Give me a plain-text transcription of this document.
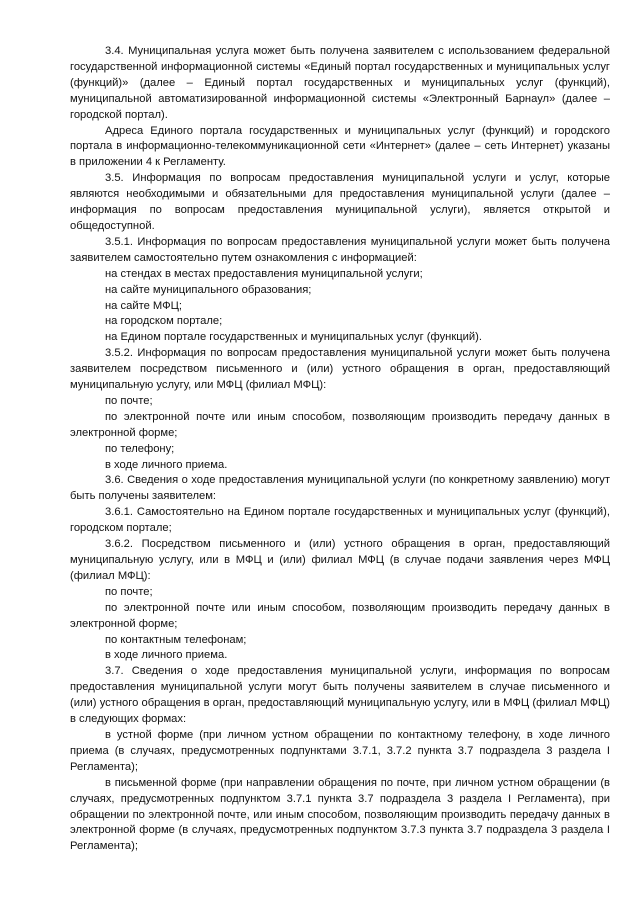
3.4. Муниципальная услуга может быть получена заявителем с использованием федеральной государственной информационной системы «Единый портал государственных и муниципальных услуг (функций)» (далее – Единый портал государственных и муниципальных услуг (функций), муниципальной автоматизированной информационной системы «Электронный Барнаул» (далее – городской портал).

Адреса Единого портала государственных и муниципальных услуг (функций) и городского портала в информационно-телекоммуникационной сети «Интернет» (далее – сеть Интернет) указаны в приложении 4 к Регламенту.

3.5. Информация по вопросам предоставления муниципальной услуги и услуг, которые являются необходимыми и обязательными для предоставления муниципальной услуги (далее – информация по вопросам предоставления муниципальной услуги), является открытой и общедоступной.

3.5.1. Информация по вопросам предоставления муниципальной услуги может быть получена заявителем самостоятельно путем ознакомления с информацией:

на стендах в местах предоставления муниципальной услуги;

на сайте муниципального образования;

на сайте МФЦ;

на городском портале;

на Едином портале государственных и муниципальных услуг (функций).

3.5.2. Информация по вопросам предоставления муниципальной услуги может быть получена заявителем посредством письменного и (или) устного обращения в орган, предоставляющий муниципальную услугу, или МФЦ (филиал МФЦ):

по почте;

по электронной почте или иным способом, позволяющим производить передачу данных в электронной форме;

по телефону;

в ходе личного приема.

3.6. Сведения о ходе предоставления муниципальной услуги (по конкретному заявлению) могут быть получены заявителем:

3.6.1. Самостоятельно на Едином портале государственных и муниципальных услуг (функций), городском портале;

3.6.2. Посредством письменного и (или) устного обращения в орган, предоставляющий муниципальную услугу, или в МФЦ и (или) филиал МФЦ (в случае подачи заявления через МФЦ (филиал МФЦ):

по почте;

по электронной почте или иным способом, позволяющим производить передачу данных в электронной форме;

по контактным телефонам;

в ходе личного приема.

3.7. Сведения о ходе предоставления муниципальной услуги, информация по вопросам предоставления муниципальной услуги могут быть получены заявителем в случае письменного и (или) устного обращения в орган, предоставляющий муниципальную услугу, или в МФЦ (филиал МФЦ) в следующих формах:

в устной форме (при личном устном обращении по контактному телефону, в ходе личного приема (в случаях, предусмотренных подпунктами 3.7.1, 3.7.2 пункта 3.7 подраздела 3 раздела I Регламента);

в письменной форме (при направлении обращения по почте, при личном устном обращении (в случаях, предусмотренных подпунктом 3.7.1 пункта 3.7 подраздела 3 раздела I Регламента), при обращении по электронной почте, или иным способом, позволяющим производить передачу данных в электронной форме (в случаях, предусмотренных подпунктом 3.7.3 пункта 3.7 подраздела 3 раздела I Регламента);
